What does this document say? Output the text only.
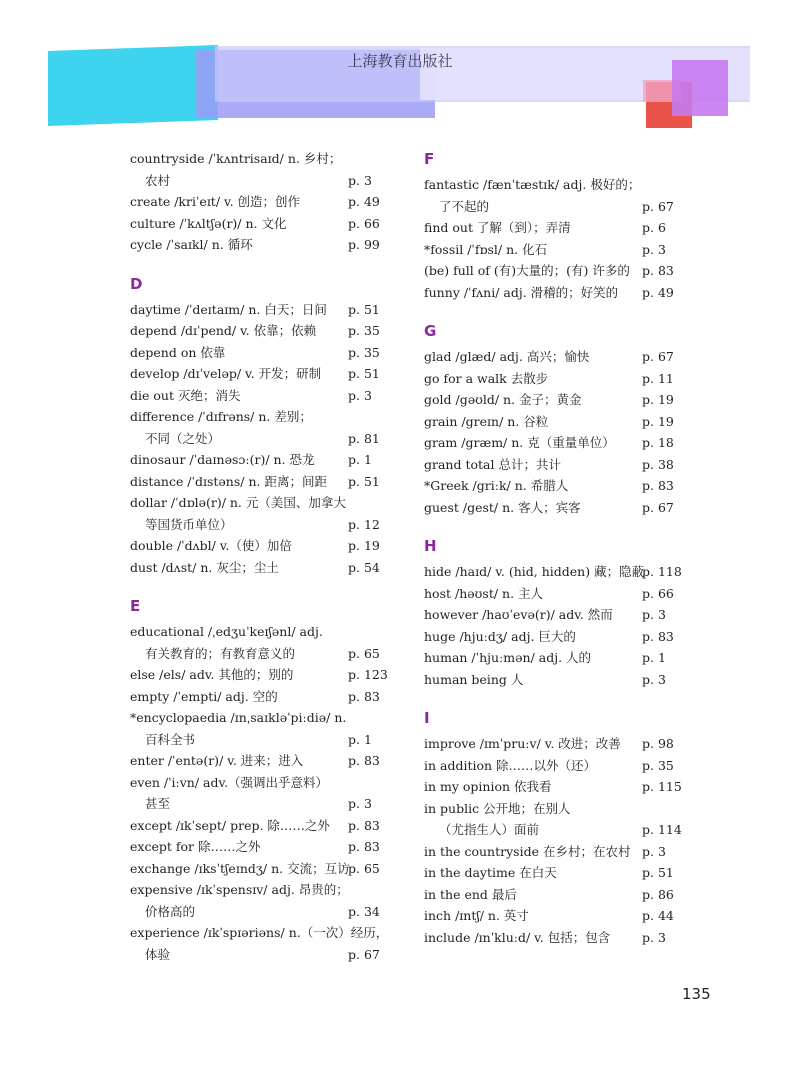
上海教育出版社
countryside /ˈkʌntrisaɪd/ n. 乡村；
农村	p. 3
create /kriˈeɪt/ v. 创造；创作	p. 49
culture /ˈkʌltʃə(r)/ n. 文化	p. 66
cycle /ˈsaɪkl/ n. 循环	p. 99
D
daytime /ˈdeɪtaɪm/ n. 白天；日间 p. 51
depend /dɪˈpend/ v. 依靠；依赖	p. 35
depend on 依靠	p. 35
develop /dɪˈveləp/ v. 开发；研制 p. 51
die out 灭绝；消失	p. 3
difference /ˈdɪfrəns/ n. 差别；
不同（之处）	p. 81
dinosaur /ˈdaɪnəsɔː(r)/ n. 恐龙	p. 1
distance /ˈdɪstəns/ n. 距离；间距 p. 51
dollar /ˈdɒlə(r)/ n. 元（美国、加拿大
等国货币单位）	p. 12
double /ˈdʌbl/ v.（使）加倍	p. 19
dust /dʌst/ n. 灰尘；尘土	p. 54
E
educational /ˌedʒuˈkeɪʃənl/ adj.
有关教育的；有教育意义的	p. 65
else /els/ adv. 其他的；别的	p. 123
empty /ˈempti/ adj. 空的	p. 83
*encyclopaedia /ɪnˌsaɪkləˈpiːdiə/ n.
百科全书	p. 1
enter /ˈentə(r)/ v. 进来；进入	p. 83
even /ˈiːvn/ adv.（强调出乎意料）
甚至	p. 3
except /ɪkˈsept/ prep. 除……之外 p. 83
except for 除……之外	p. 83
exchange /ɪksˈtʃeɪndʒ/ n. 交流；互访
p. 65
expensive /ɪkˈspensɪv/ adj. 昂贵的；
价格高的	p. 34
experience /ɪkˈspɪəriəns/ n.（一次）经历，
体验	p. 67
F
fantastic /fænˈtæstɪk/ adj. 极好的；
了不起的	p. 67
find out 了解（到）；弄清	p. 6
*fossil /ˈfɒsl/ n. 化石	p. 3
(be) full of (有)大量的；(有) 许多的 p. 83
funny /ˈfʌni/ adj. 滑稽的；好笑的 p. 49
G
glad /glæd/ adj. 高兴；愉快	p. 67
go for a walk 去散步	p. 11
gold /gəʊld/ n. 金子；黄金	p. 19
grain /greɪn/ n. 谷粒	p. 19
gram /græm/ n. 克（重量单位） p. 18
grand total 总计；共计	p. 38
*Greek /griːk/ n. 希腊人	p. 83
guest /gest/ n. 客人；宾客	p. 67
H
hide /haɪd/ v. (hid, hidden) 藏；隐蔽
p. 118
host /həʊst/ n. 主人	p. 66
however /haʊˈevə(r)/ adv. 然而 p. 3
huge /hjuːdʒ/ adj. 巨大的	p. 83
human /ˈhjuːmən/ adj. 人的	p. 1
human being 人	p. 3
I
improve /ɪmˈpruːv/ v. 改进；改善 p. 98
in addition 除……以外（还）	p. 35
in my opinion 依我看	p. 115
in public 公开地；在别人
（尤指生人）面前	p. 114
in the countryside 在乡村；在农村 p. 3
in the daytime 在白天	p. 51
in the end 最后	p. 86
inch /ɪntʃ/ n. 英寸	p. 44
include /ɪnˈkluːd/ v. 包括；包含	p. 3
135
